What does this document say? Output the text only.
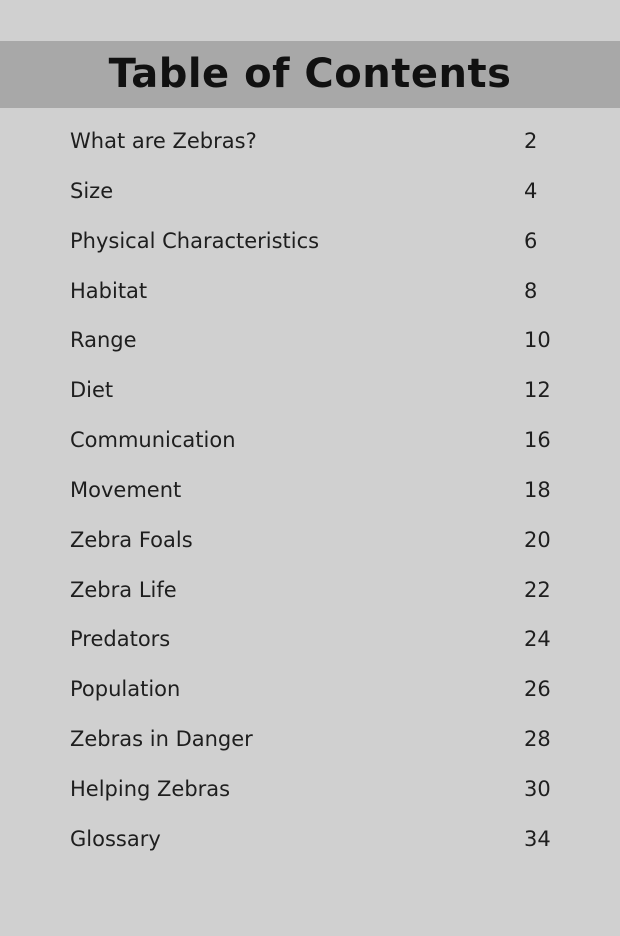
Table of Contents
What are Zebras?	2
Size	4
Physical Characteristics	6
Habitat	8
Range	10
Diet	12
Communication	16
Movement	18
Zebra Foals	20
Zebra Life	22
Predators	24
Population	26
Zebras in Danger	28
Helping Zebras	30
Glossary	34
